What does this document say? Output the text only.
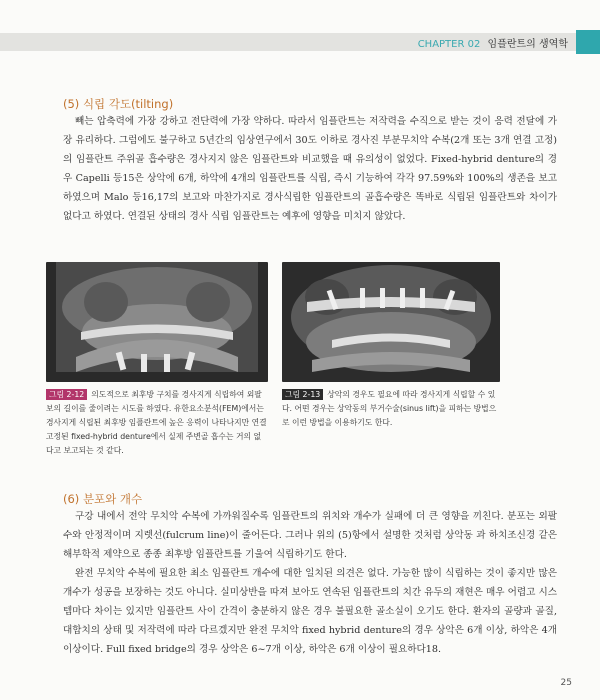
CHAPTER 02 임플란트의 생역학
(5) 식립 각도(tilting)

빼는 압축력에 가장 강하고 전단력에 가장 약하다. 따라서 임플란트는 저작력을 수직으로 받는 것이 응력 전달에 가장 유리하다. 그럼에도 불구하고 5년간의 임상연구에서 30도 이하로 경사진 부분무치악 수복(2개 또는 3개 연결 고정)의 임플란트 주위골 흡수량은 경사지지 않은 임플란트와 비교했을 때 유의성이 없었다. Fixed-hybrid denture의 경우 Capelli 등15은 상악에 6개, 하악에 4개의 임플란트를 식립, 즉시 기능하여 각각 97.59%와 100%의 생존을 보고하였으며 Malo 등16,17의 보고와 마찬가지로 경사식립한 임플란트의 골흡수량은 똑바로 식립된 임플란트와 차이가 없다고 하였다. 연결된 상태의 경사 식립 임플란트는 예후에 영향을 미치지 않았다.

그림 2-12 의도적으로 최후방 구치를 경사지게 식립하여 외팔보의 길이를 줄이려는 시도를 하였다. 유한요소분석(FEM)에서는 경사지게 식립된 최후방 임플란트에 높은 응력이 나타나지만 연결고정된 fixed-hybrid denture에서 실제 주변골 흡수는 거의 없다고 보고되는 것 같다.

그림 2-13 상악의 경우도 필요에 따라 경사지게 식립할 수 있다. 어떤 경우는 상악동의 부거수술(sinus lift)을 피하는 방법으로 이런 방법을 이용하기도 한다.

(6) 분포와 개수

구강 내에서 전악 무치악 수복에 가까워질수록 임플란트의 위치와 개수가 실패에 더 큰 영향을 끼친다. 분포는 외팔수와 안정적이며 지렛선(fulcrum line)이 줄어든다. 그러나 위의 (5)항에서 설명한 것처럼 상악동 과 하치조신경 같은 해부학적 제약으로 종종 최후방 임플란트를 기울여 식립하기도 한다.

완전 무치악 수복에 필요한 최소 임플란트 개수에 대한 일치된 의견은 없다. 가능한 많이 식립하는 것이 좋지만 많은 개수가 성공을 보장하는 것도 아니다. 실미상반을 따져 보아도 연속된 임플란트의 치간 유두의 재현은 매우 어렵고 시스템마다 차이는 있지만 임플란트 사이 간격이 충분하지 않은 경우 불필요한 골소실이 오기도 한다. 환자의 골량과 골질, 대합치의 상태 및 저작력에 따라 다르겠지만 완전 무치악 fixed hybrid denture의 경우 상악은 6개 이상, 하악은 4개 이상이다. Full fixed bridge의 경우 상악은 6~7개 이상, 하악은 6개 이상이 필요하다18.

25
